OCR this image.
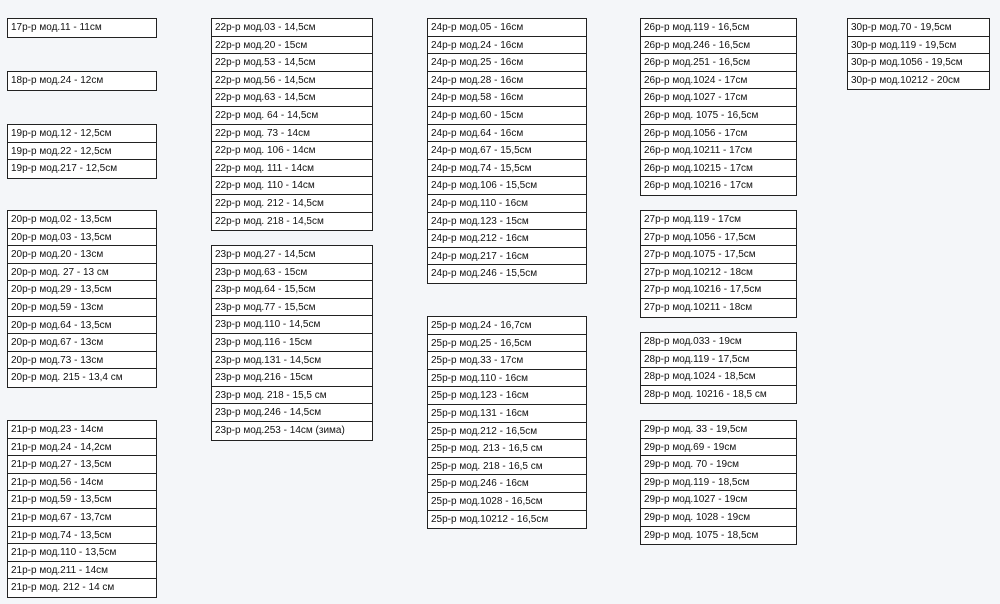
17р-р мод.11 - 11см
18р-р мод.24 - 12см
19р-р мод.12 - 12,5см
19р-р мод.22 - 12,5см
19р-р мод.217 - 12,5см
20р-р мод.02 - 13,5см
20р-р мод.03 - 13,5см
20р-р мод.20 - 13см
20р-р мод. 27 - 13 см
20р-р мод.29 - 13,5см
20р-р мод.59 - 13см
20р-р мод.64 - 13,5см
20р-р мод.67 - 13см
20р-р мод.73 - 13см
20р-р мод. 215 - 13,4 см
21р-р мод.23 - 14см
21р-р мод.24 - 14,2см
21р-р мод.27 - 13,5см
21р-р мод.56 - 14см
21р-р мод.59 - 13,5см
21р-р мод.67 - 13,7см
21р-р мод.74 - 13,5см
21р-р мод.110 - 13,5см
21р-р мод.211 - 14см
21р-р мод. 212 - 14 см
22р-р мод.03 - 14,5см
22р-р мод.20 - 15см
22р-р мод.53 - 14,5см
22р-р мод.56 - 14,5см
22р-р мод.63 - 14,5см
22р-р мод. 64 - 14,5см
22р-р мод. 73 - 14см
22р-р мод. 106 - 14см
22р-р мод. 111 - 14см
22р-р мод. 110 - 14см
22р-р мод. 212 - 14,5см
22р-р мод. 218 - 14,5см
23р-р мод.27 - 14,5см
23р-р мод.63 - 15см
23р-р мод.64 - 15,5см
23р-р мод.77 - 15,5см
23р-р мод.110 - 14,5см
23р-р мод.116 - 15см
23р-р мод.131 - 14,5см
23р-р мод.216 - 15см
23р-р мод. 218 - 15,5 см
23р-р мод.246 - 14,5см
23р-р мод.253 - 14см (зима)
24р-р мод.05 - 16см
24р-р мод.24 - 16см
24р-р мод.25 - 16см
24р-р мод.28 - 16см
24р-р мод.58 - 16см
24р-р мод.60 - 15см
24р-р мод.64 - 16см
24р-р мод.67 - 15,5см
24р-р мод.74 - 15,5см
24р-р мод.106 - 15,5см
24р-р мод.110 - 16см
24р-р мод.123 - 15см
24р-р мод.212 - 16см
24р-р мод.217 - 16см
24р-р мод.246 - 15,5см
25р-р мод.24 - 16,7см
25р-р мод.25 - 16,5см
25р-р мод.33 - 17см
25р-р мод.110 - 16см
25р-р мод.123 - 16см
25р-р мод.131 - 16см
25р-р мод.212 - 16,5см
25р-р мод. 213 - 16,5 см
25р-р мод. 218 - 16,5 см
25р-р мод.246 - 16см
25р-р мод.1028 - 16,5см
25р-р мод.10212 - 16,5см
26р-р мод.119 - 16,5см
26р-р мод.246 - 16,5см
26р-р мод.251 - 16,5см
26р-р мод.1024 - 17см
26р-р мод.1027 - 17см
26р-р мод. 1075 - 16,5см
26р-р мод.1056 - 17см
26р-р мод.10211 - 17см
26р-р мод.10215 - 17см
26р-р мод.10216 - 17см
27р-р мод.119 - 17см
27р-р мод.1056 - 17,5см
27р-р мод.1075 - 17,5см
27р-р мод.10212 - 18см
27р-р мод.10216 - 17,5см
27р-р мод.10211 - 18см
28р-р мод.033 - 19см
28р-р мод.119 - 17,5см
28р-р мод.1024 - 18,5см
28р-р мод. 10216 - 18,5 см
29р-р мод. 33 - 19,5см
29р-р мод.69 - 19см
29р-р мод. 70 - 19см
29р-р мод.119 - 18,5см
29р-р мод.1027 - 19см
29р-р мод. 1028 - 19см
29р-р мод. 1075 - 18,5см
30р-р мод.70 - 19,5см
30р-р мод.119 - 19,5см
30р-р мод.1056 - 19,5см
30р-р мод.10212 - 20см
